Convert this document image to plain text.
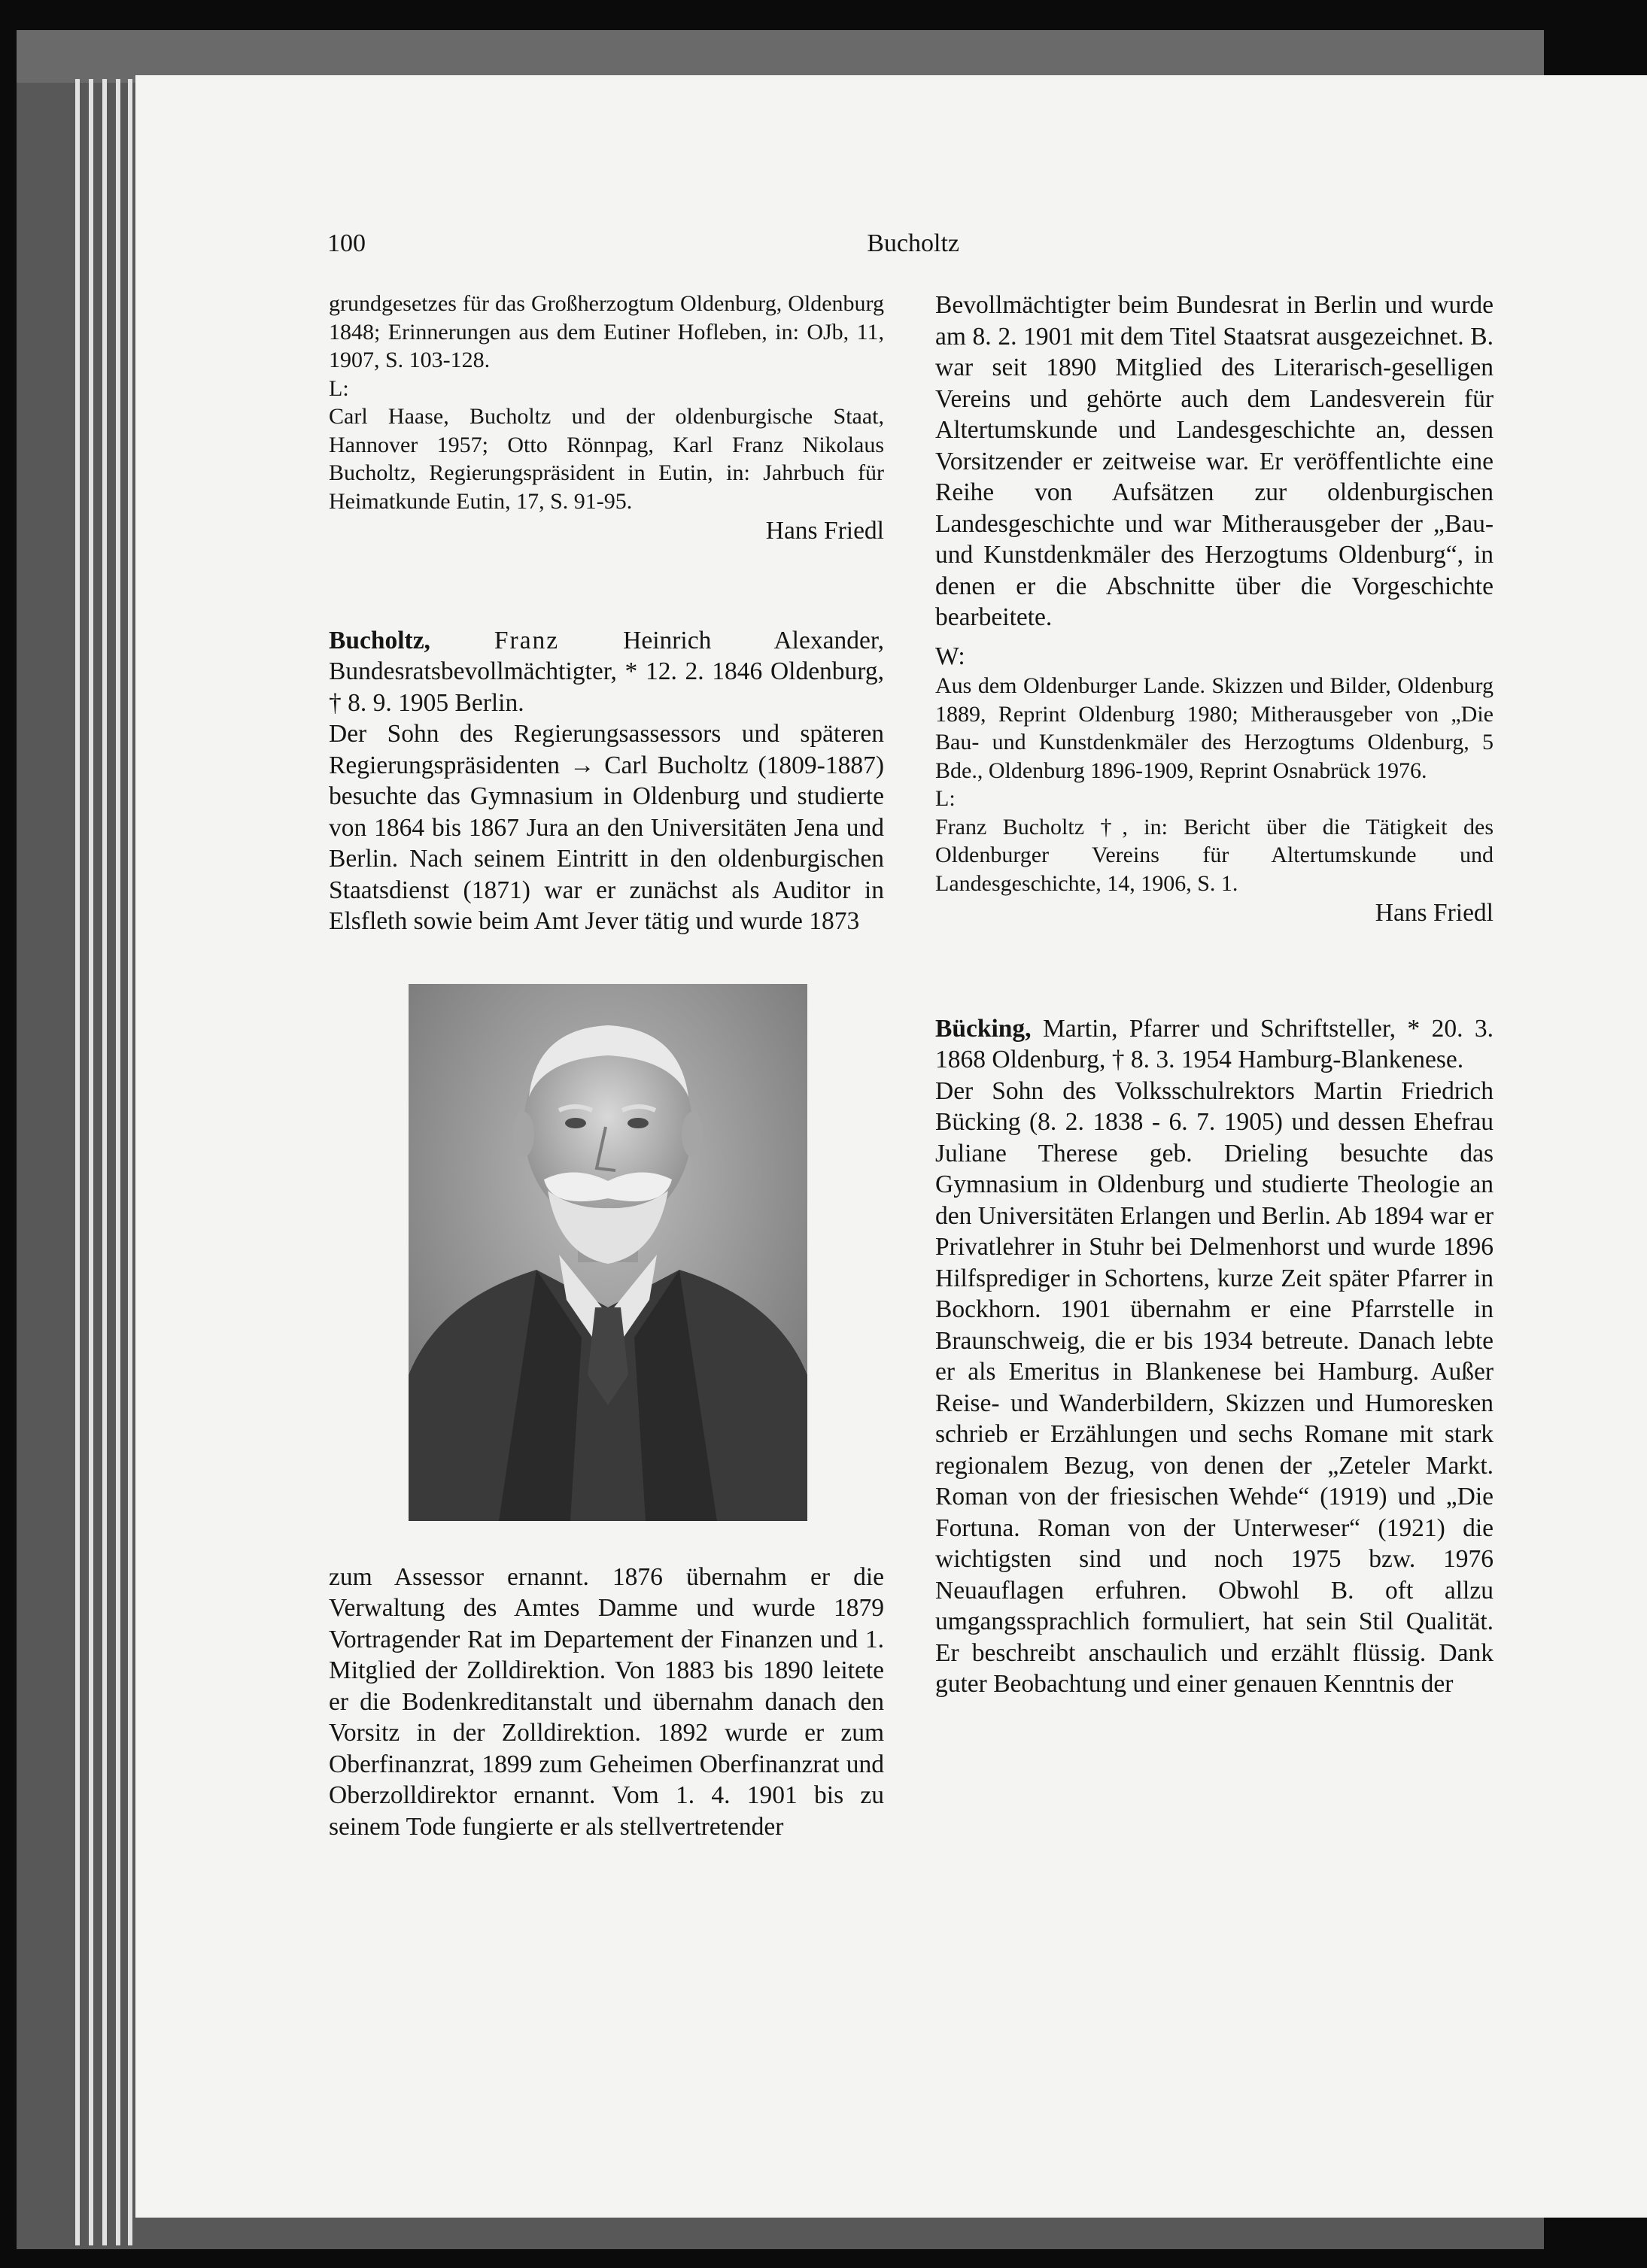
100	Bucholtz

grundgesetzes für das Großherzogtum Oldenburg, Oldenburg 1848; Erinnerungen aus dem Eutiner Hofleben, in: OJb, 11, 1907, S. 103-128.

L:

Carl Haase, Bucholtz und der oldenburgische Staat, Hannover 1957; Otto Rönnpag, Karl Franz Nikolaus Bucholtz, Regierungspräsident in Eutin, in: Jahrbuch für Heimatkunde Eutin, 17, S. 91-95.

Hans Friedl

Bucholtz,	Franz	Heinrich Alexander, Bundesratsbevollmächtigter, * 12. 2. 1846 Oldenburg, † 8. 9. 1905 Berlin.

Der Sohn des Regierungsassessors und späteren Regierungspräsidenten → Carl Bucholtz (1809-1887) besuchte das Gymnasium in Oldenburg und studierte von 1864 bis 1867 Jura an den Universitäten Jena und Berlin. Nach seinem Eintritt in den oldenburgischen Staatsdienst (1871) war er zunächst als Auditor in Elsfleth sowie beim Amt Jever tätig und wurde 1873

zum Assessor ernannt. 1876 übernahm er die Verwaltung des Amtes Damme und wurde 1879 Vortragender Rat im Departement der Finanzen und 1. Mitglied der Zolldirektion. Von 1883 bis 1890 leitete er die Bodenkreditanstalt und übernahm danach den Vorsitz in der Zolldirektion. 1892 wurde er zum Oberfinanzrat, 1899 zum Geheimen Oberfinanzrat und Oberzolldirektor ernannt. Vom 1. 4. 1901 bis zu seinem Tode fungierte er als stellvertretender

Bevollmächtigter beim Bundesrat in Berlin und wurde am 8. 2. 1901 mit dem Titel Staatsrat ausgezeichnet. B. war seit 1890 Mitglied des Literarisch-geselligen Vereins und gehörte auch dem Landesverein für Altertumskunde und Landesgeschichte an, dessen Vorsitzender er zeitweise war. Er veröffentlichte eine Reihe von Aufsätzen zur oldenburgischen Landesgeschichte und war Mitherausgeber der „Bau- und Kunstdenkmäler des Herzogtums Oldenburg“, in denen er die Abschnitte über die Vorgeschichte bearbeitete.

W:

Aus dem Oldenburger Lande. Skizzen und Bilder, Oldenburg 1889, Reprint Oldenburg 1980; Mitherausgeber von „Die Bau- und Kunstdenkmäler des Herzogtums Oldenburg, 5 Bde., Oldenburg 1896-1909, Reprint Osnabrück 1976.

L:

Franz Bucholtz †, in: Bericht über die Tätigkeit des Oldenburger Vereins für Altertumskunde und Landesgeschichte, 14, 1906, S. 1.

Hans Friedl

Bücking, Martin, Pfarrer und Schriftsteller, * 20. 3. 1868 Oldenburg, † 8. 3. 1954 Hamburg-Blankenese.

Der Sohn des Volksschulrektors Martin Friedrich Bücking (8. 2. 1838 - 6. 7. 1905) und dessen Ehefrau Juliane Therese geb. Drieling besuchte das Gymnasium in Oldenburg und studierte Theologie an den Universitäten Erlangen und Berlin. Ab 1894 war er Privatlehrer in Stuhr bei Delmenhorst und wurde 1896 Hilfsprediger in Schortens, kurze Zeit später Pfarrer in Bockhorn. 1901 übernahm er eine Pfarrstelle in Braunschweig, die er bis 1934 betreute. Danach lebte er als Emeritus in Blankenese bei Hamburg. Außer Reise- und Wanderbildern, Skizzen und Humoresken schrieb er Erzählungen und sechs Romane mit stark regionalem Bezug, von denen der „Zeteler Markt. Roman von der friesischen Wehde“ (1919) und „Die Fortuna. Roman von der Unterweser“ (1921) die wichtigsten sind und noch 1975 bzw. 1976 Neuauflagen erfuhren. Obwohl B. oft allzu umgangssprachlich formuliert, hat sein Stil Qualität. Er beschreibt anschaulich und erzählt flüssig. Dank guter Beobachtung und einer genauen Kenntnis der
